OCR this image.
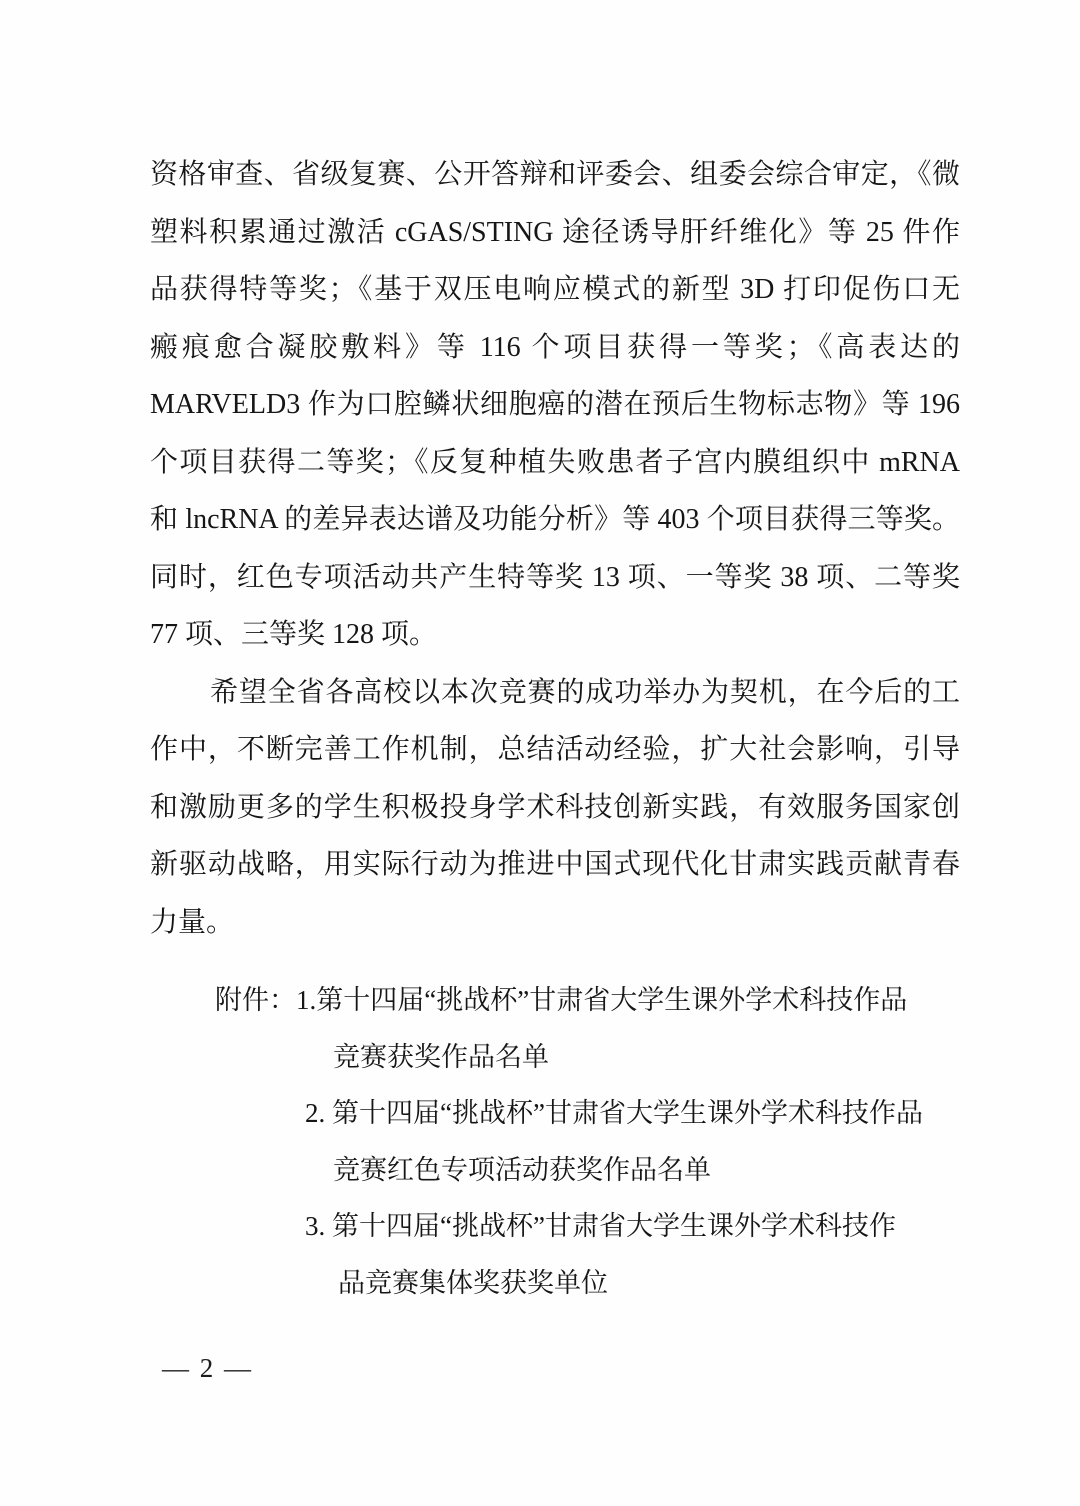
资格审查、省级复赛、公开答辩和评委会、组委会综合审定，《微
塑料积累通过激活 cGAS/STING 途径诱导肝纤维化》等 25 件作
品获得特等奖；《基于双压电响应模式的新型 3D 打印促伤口无
瘢痕愈合凝胶敷料》等 116 个项目获得一等奖；《高表达的
MARVELD3 作为口腔鳞状细胞癌的潜在预后生物标志物》等 196
个项目获得二等奖；《反复种植失败患者子宫内膜组织中 mRNA
和 lncRNA 的差异表达谱及功能分析》等 403 个项目获得三等奖。
同时，红色专项活动共产生特等奖 13 项、一等奖 38 项、二等奖
77 项、三等奖 128 项。
希望全省各高校以本次竞赛的成功举办为契机，在今后的工
作中，不断完善工作机制，总结活动经验，扩大社会影响，引导
和激励更多的学生积极投身学术科技创新实践，有效服务国家创
新驱动战略，用实际行动为推进中国式现代化甘肃实践贡献青春
力量。
附件：1.第十四届“挑战杯”甘肃省大学生课外学术科技作品
竞赛获奖作品名单
2. 第十四届“挑战杯”甘肃省大学生课外学术科技作品
竞赛红色专项活动获奖作品名单
3. 第十四届“挑战杯”甘肃省大学生课外学术科技作
品竞赛集体奖获奖单位
— 2 —
